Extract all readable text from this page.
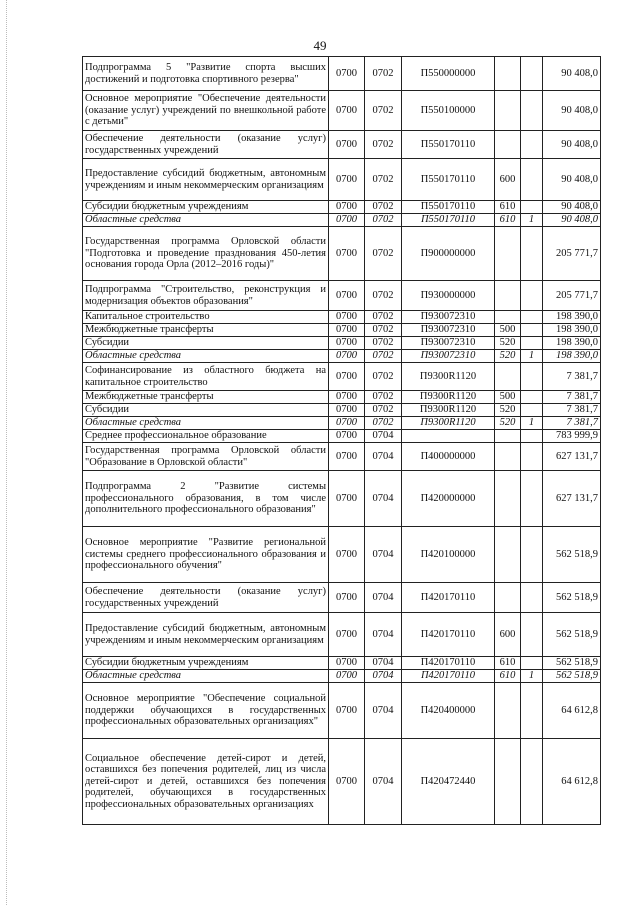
49
Подпрограмма 5 "Развитие спорта высших достижений и подготовка спортивного резерва"	0700	0702	П550000000			90 408,0
Основное мероприятие "Обеспечение деятельности (оказание услуг) учреждений по внешкольной работе с детьми"	0700	0702	П550100000			90 408,0
Обеспечение деятельности (оказание услуг) государственных учреждений	0700	0702	П550170110			90 408,0
Предоставление субсидий бюджетным, автономным учреждениям и иным некоммерческим организациям	0700	0702	П550170110	600		90 408,0
Субсидии бюджетным учреждениям	0700	0702	П550170110	610		90 408,0
Областные средства	0700	0702	П550170110	610	1	90 408,0
Государственная программа Орловской области "Подготовка и проведение празднования 450-летия основания города Орла (2012–2016 годы)"	0700	0702	П900000000			205 771,7
Подпрограмма "Строительство, реконструкция и модернизация объектов образования"	0700	0702	П930000000			205 771,7
Капитальное строительство	0700	0702	П930072310			198 390,0
Межбюджетные трансферты	0700	0702	П930072310	500		198 390,0
Субсидии	0700	0702	П930072310	520		198 390,0
Областные средства	0700	0702	П930072310	520	1	198 390,0
Софинансирование из областного бюджета на капитальное строительство	0700	0702	П9300R1120			7 381,7
Межбюджетные трансферты	0700	0702	П9300R1120	500		7 381,7
Субсидии	0700	0702	П9300R1120	520		7 381,7
Областные средства	0700	0702	П9300R1120	520	1	7 381,7
Среднее профессиональное образование	0700	0704				783 999,9
Государственная программа Орловской области "Образование в Орловской области"	0700	0704	П400000000			627 131,7
Подпрограмма 2 "Развитие системы профессионального образования, в том числе дополнительного профессионального образования"	0700	0704	П420000000			627 131,7
Основное мероприятие "Развитие региональной системы среднего профессионального образования и профессионального обучения"	0700	0704	П420100000			562 518,9
Обеспечение деятельности (оказание услуг) государственных учреждений	0700	0704	П420170110			562 518,9
Предоставление субсидий бюджетным, автономным учреждениям и иным некоммерческим организациям	0700	0704	П420170110	600		562 518,9
Субсидии бюджетным учреждениям	0700	0704	П420170110	610		562 518,9
Областные средства	0700	0704	П420170110	610	1	562 518,9
Основное мероприятие "Обеспечение социальной поддержки обучающихся в государственных профессиональных образовательных организациях"	0700	0704	П420400000			64 612,8
Социальное обеспечение детей-сирот и детей, оставшихся без попечения родителей, лиц из числа детей-сирот и детей, оставшихся без попечения родителей, обучающихся в государственных профессиональных образовательных организациях	0700	0704	П420472440			64 612,8
